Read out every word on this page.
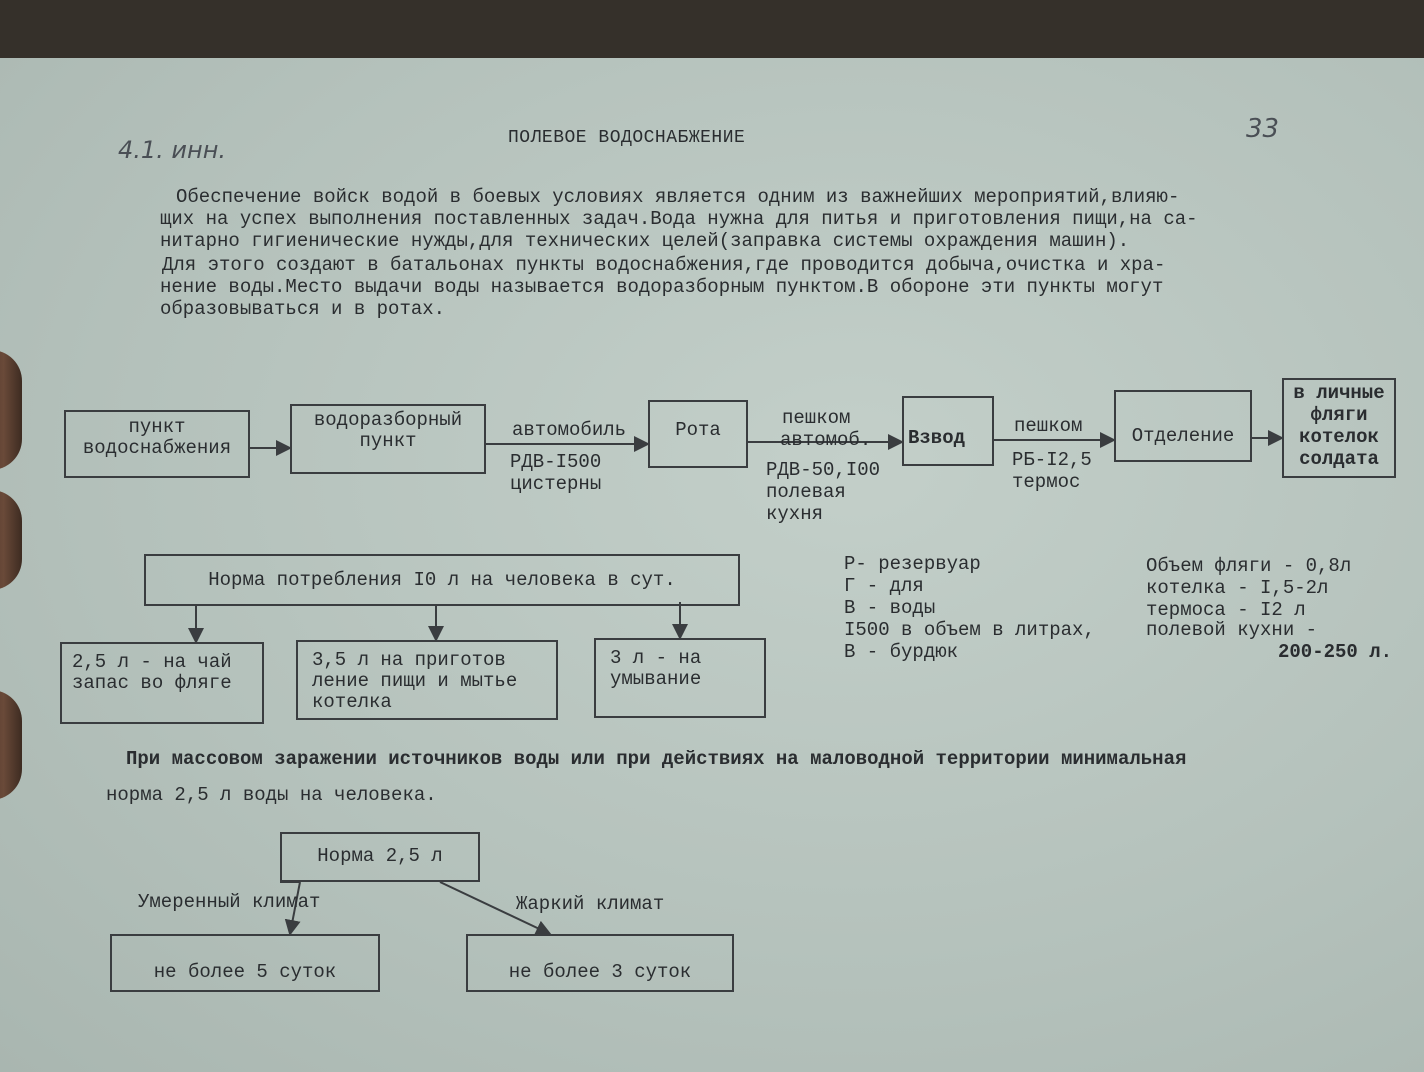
4.1. инн.	ПОЛЕВОЕ ВОДОСНАБЖЕНИЕ	33
Обеспечение войск водой в боевых условиях является одним из важнейших мероприятий,влияю-
щих на успех выполнения поставленных задач.Вода нужна для питья и приготовления пищи,на са-
нитарно гигиенические нужды,для технических целей(заправка системы охраждения машин).
Для этого создают в батальонах пункты водоснабжения,где проводится добыча,очистка и хра-
нение воды.Место выдачи воды называется водоразборным пунктом.В обороне эти пункты могут
образовываться и в ротах.
пункт
водоснабжения
водоразборный
пункт	Рота	Взвод	Отделение
в личные
фляги
котелок
солдата
автомобиль
РДВ-I500
цистерны
пешком
автомоб.
РДВ-50,I00
полевая
кухня
пешком
РБ-I2,5
термос
Норма потребления I0 л на человека в сут.
2,5 л - на чай
запас во фляге
3,5 л на приготов
ление пищи и мытье
котелка
3 л - на
умывание
Р- резервуар
Г - для
В - воды
I500 в объем в литрах,
В - бурдюк
Объем фляги - 0,8л
котелка - I,5-2л
термоса - I2 л
полевой кухни -
200-250 л.
При массовом заражении источников воды или при действиях на маловодной территории минимальная
норма 2,5 л воды на человека.
Норма 2,5 л
Умеренный климат	Жаркий климат
не более 5 суток	не более 3 суток
